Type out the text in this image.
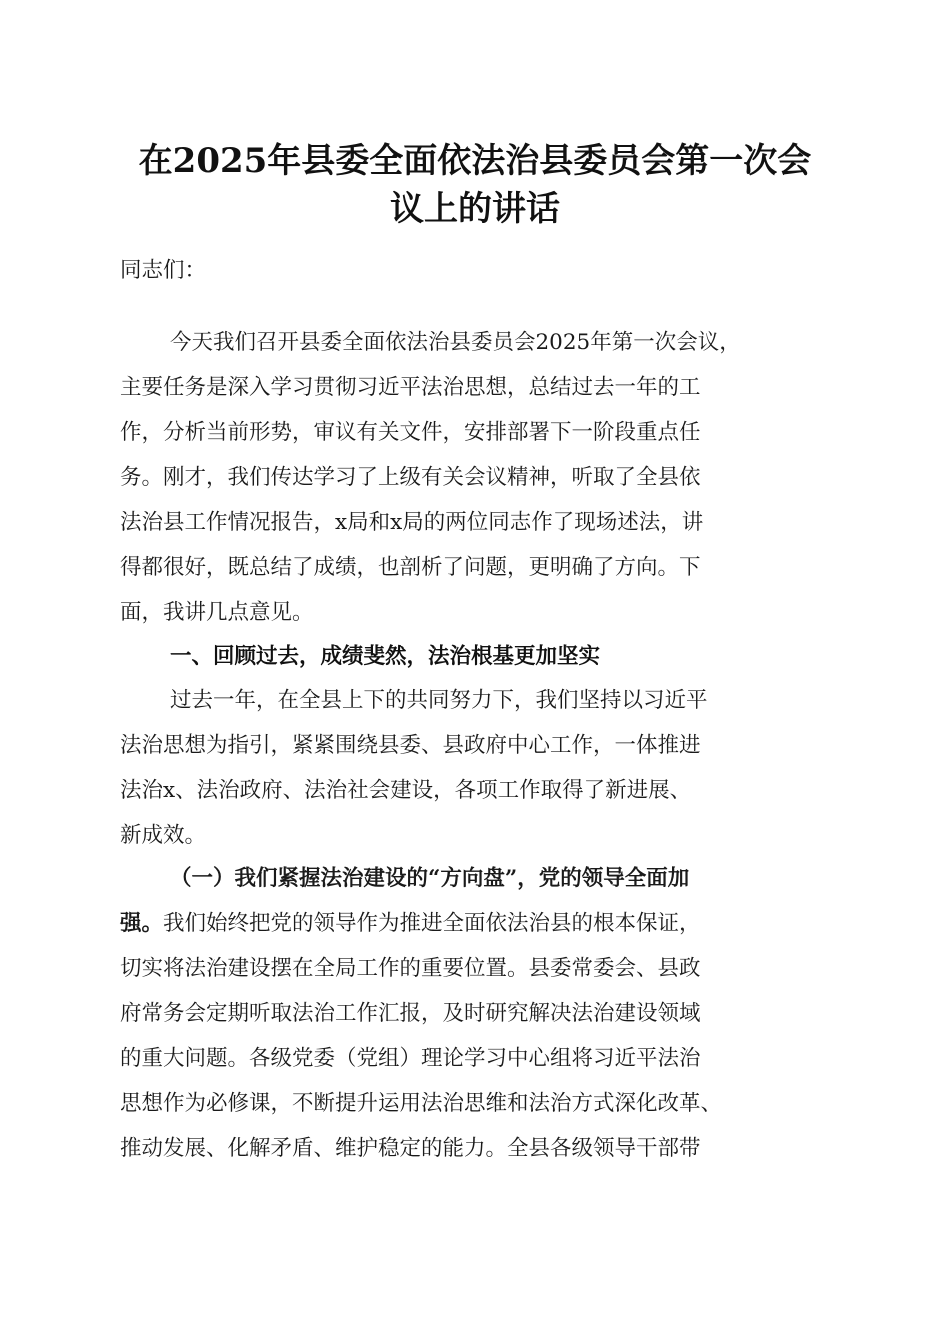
在2025年县委全面依法治县委员会第一次会
议上的讲话

同志们：

今天我们召开县委全面依法治县委员会2025年第一次会议，

主要任务是深入学习贯彻习近平法治思想，总结过去一年的工

作，分析当前形势，审议有关文件，安排部署下一阶段重点任

务。刚才，我们传达学习了上级有关会议精神，听取了全县依

法治县工作情况报告，x局和x局的两位同志作了现场述法，讲

得都很好，既总结了成绩，也剖析了问题，更明确了方向。下

面，我讲几点意见。

一、回顾过去，成绩斐然，法治根基更加坚实

过去一年，在全县上下的共同努力下，我们坚持以习近平

法治思想为指引，紧紧围绕县委、县政府中心工作，一体推进

法治x、法治政府、法治社会建设，各项工作取得了新进展、

新成效。

（一）我们紧握法治建设的“方向盘”，党的领导全面加

强。我们始终把党的领导作为推进全面依法治县的根本保证，

切实将法治建设摆在全局工作的重要位置。县委常委会、县政

府常务会定期听取法治工作汇报，及时研究解决法治建设领域

的重大问题。各级党委（党组）理论学习中心组将习近平法治

思想作为必修课，不断提升运用法治思维和法治方式深化改革、

推动发展、化解矛盾、维护稳定的能力。全县各级领导干部带
